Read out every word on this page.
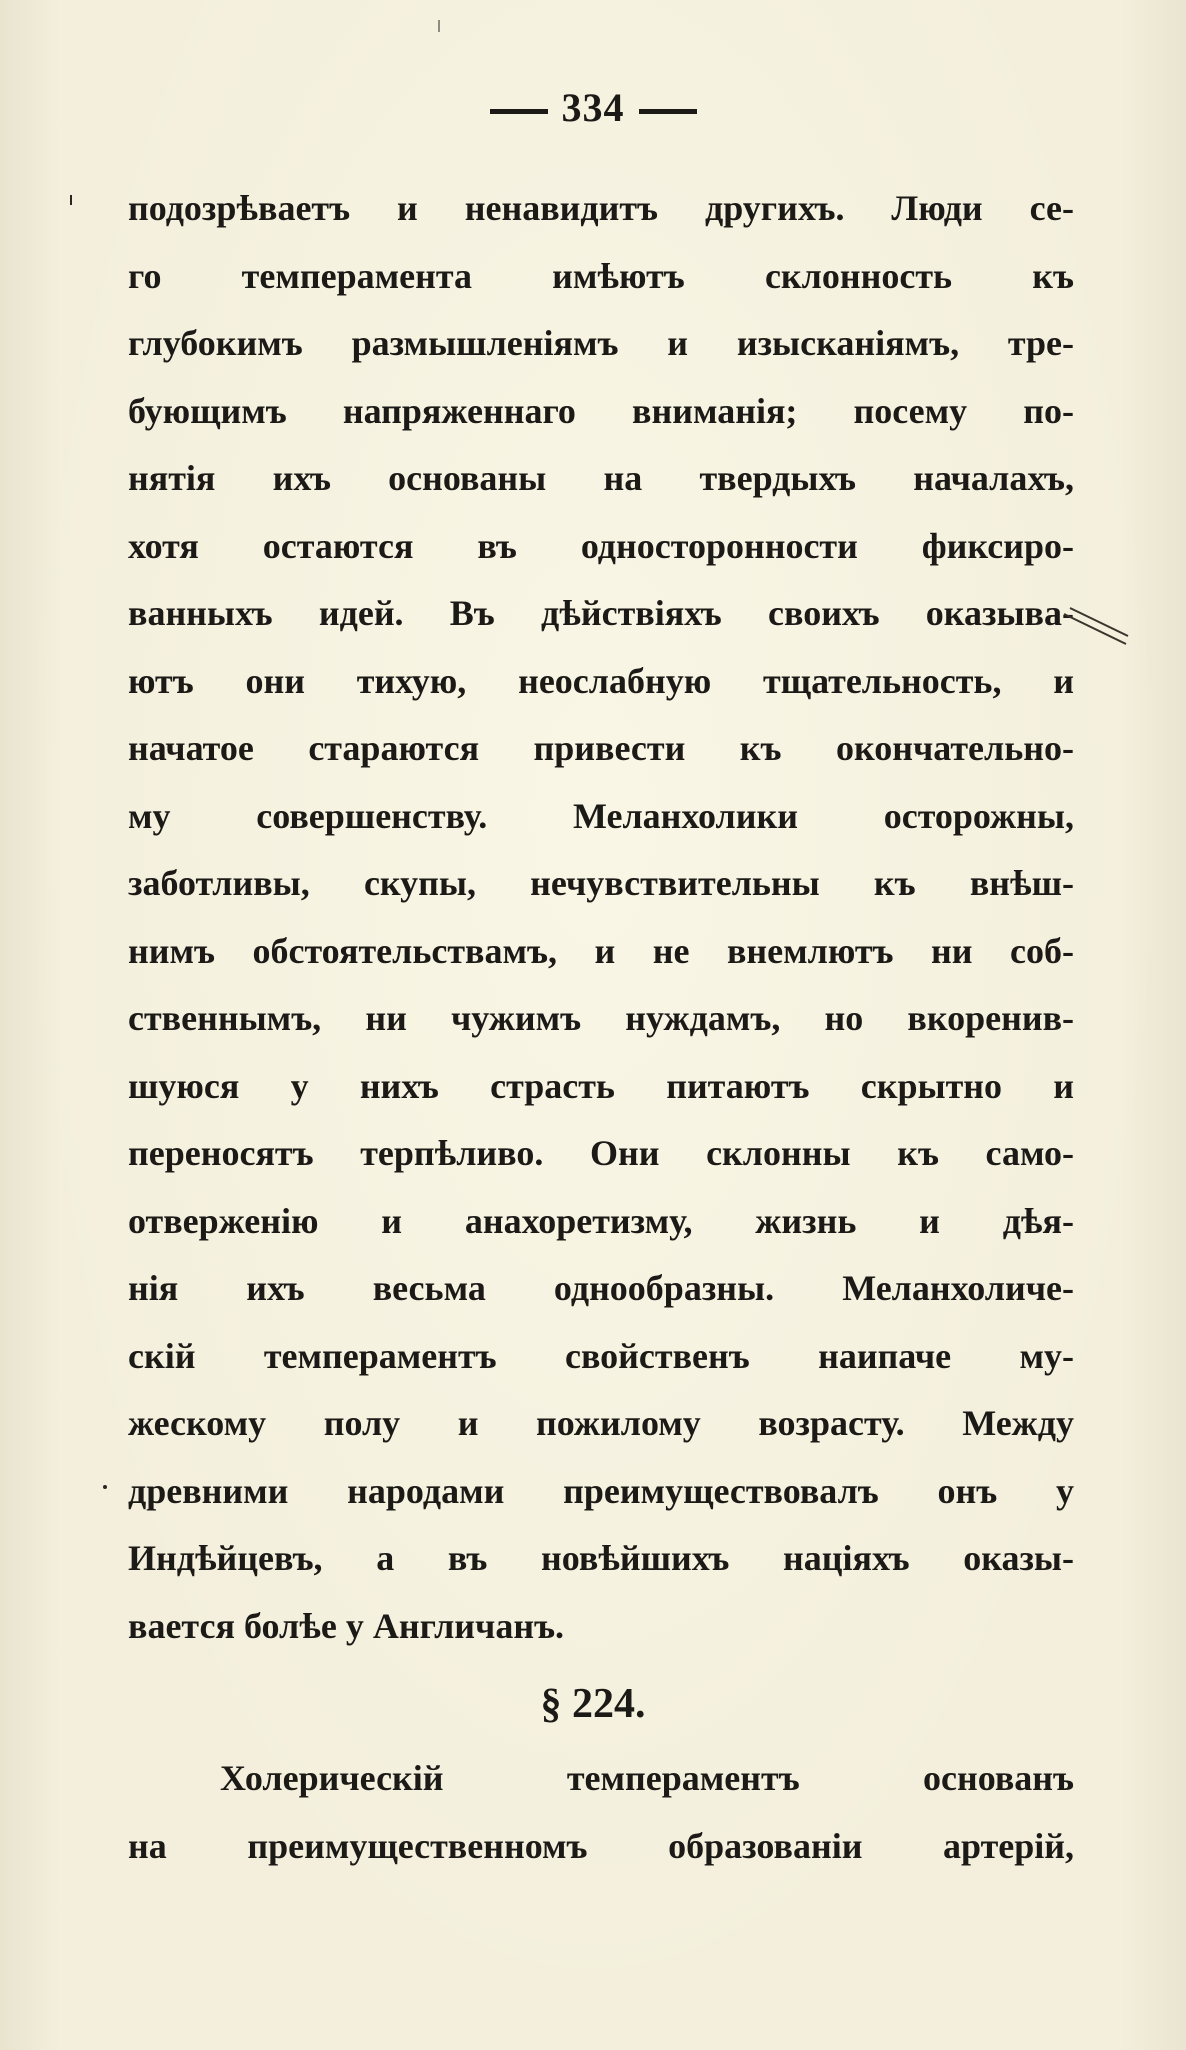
334
подозрѣваетъ и ненавидитъ другихъ. Люди се-
го темперамента имѣютъ склонность къ
глубокимъ размышленіямъ и изысканіямъ, тре-
бующимъ напряженнаго вниманія; посему по-
нятія ихъ основаны на твердыхъ началахъ,
хотя остаются въ односторонности фиксиро-
ванныхъ идей. Въ дѣйствіяхъ своихъ оказыва-
ютъ они тихую, неослабную тщательность, и
начатое стараются привести къ окончательно-
му совершенству. Меланхолики осторожны,
заботливы, скупы, нечувствительны къ внѣш-
нимъ обстоятельствамъ, и не внемлютъ ни соб-
ственнымъ, ни чужимъ нуждамъ, но вкоренив-
шуюся у нихъ страсть питаютъ скрытно и
переносятъ терпѣливо. Они склонны къ само-
отверженію и анахоретизму, жизнь и дѣя-
нія ихъ весьма однообразны. Меланхоличе-
скій темпераментъ свойственъ наипаче му-
жескому полу и пожилому возрасту. Между
древними народами преимуществовалъ онъ у
Индѣйцевъ, а въ новѣйшихъ націяхъ оказы-
вается болѣе у Англичанъ.
§ 224.
Холерическій темпераментъ основанъ
на преимущественномъ образованіи артерій,
